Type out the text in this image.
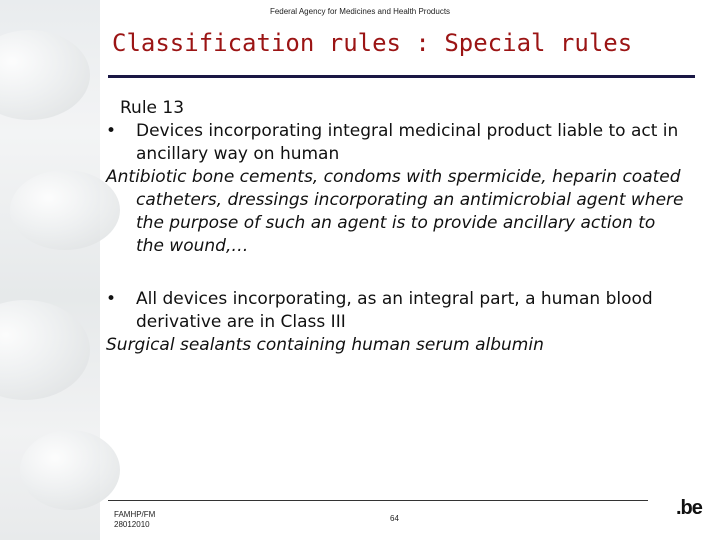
Federal Agency for Medicines and Health Products
Classification rules : Special rules
Rule 13
•	Devices incorporating integral medicinal product liable to act in ancillary way on human
Antibiotic bone cements, condoms with spermicide, heparin coated catheters, dressings incorporating an antimicrobial agent where the purpose of such an agent is to provide ancillary action to the wound,…
•	All devices incorporating, as an integral part, a human blood derivative are in Class III
Surgical sealants containing human serum albumin
FAMHP/FM
28012010
64	.be
